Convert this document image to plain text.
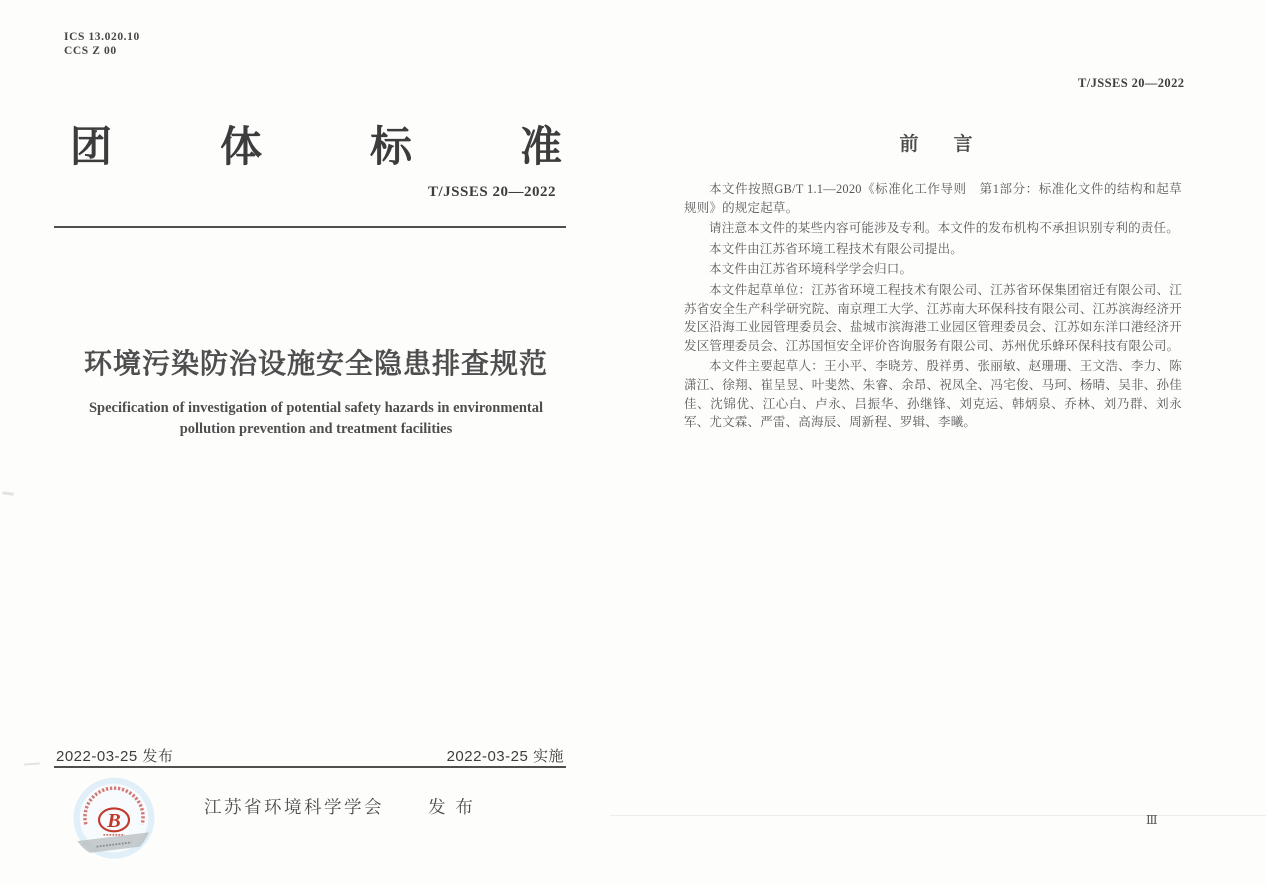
ICS 13.020.10
CCS Z 00
团	体	标	准
T/JSSES 20—2022
环境污染防治设施安全隐患排查规范
Specification of investigation of potential safety hazards in environmental
pollution prevention and treatment facilities
2022-03-25 发布	2022-03-25 实施
B
江苏省环境科学学会	发 布
T/JSSES 20—2022
前　言

本文件按照GB/T 1.1—2020《标准化工作导则　第1部分：标准化文件的结构和起草规则》的规定起草。

请注意本文件的某些内容可能涉及专利。本文件的发布机构不承担识别专利的责任。

本文件由江苏省环境工程技术有限公司提出。

本文件由江苏省环境科学学会归口。

本文件起草单位：江苏省环境工程技术有限公司、江苏省环保集团宿迁有限公司、江苏省安全生产科学研究院、南京理工大学、江苏南大环保科技有限公司、江苏滨海经济开发区沿海工业园管理委员会、盐城市滨海港工业园区管理委员会、江苏如东洋口港经济开发区管理委员会、江苏国恒安全评价咨询服务有限公司、苏州优乐蜂环保科技有限公司。

本文件主要起草人：王小平、李晓芳、殷祥勇、张丽敏、赵珊珊、王文浩、李力、陈潇江、徐翔、崔呈昱、叶斐然、朱睿、余昂、祝凤全、冯宅俊、马珂、杨晴、吴非、孙佳佳、沈锦优、江心白、卢永、吕振华、孙继锋、刘克运、韩炳泉、乔林、刘乃群、刘永军、尤文霖、严雷、高海辰、周新程、罗辑、李曦。

Ⅲ
